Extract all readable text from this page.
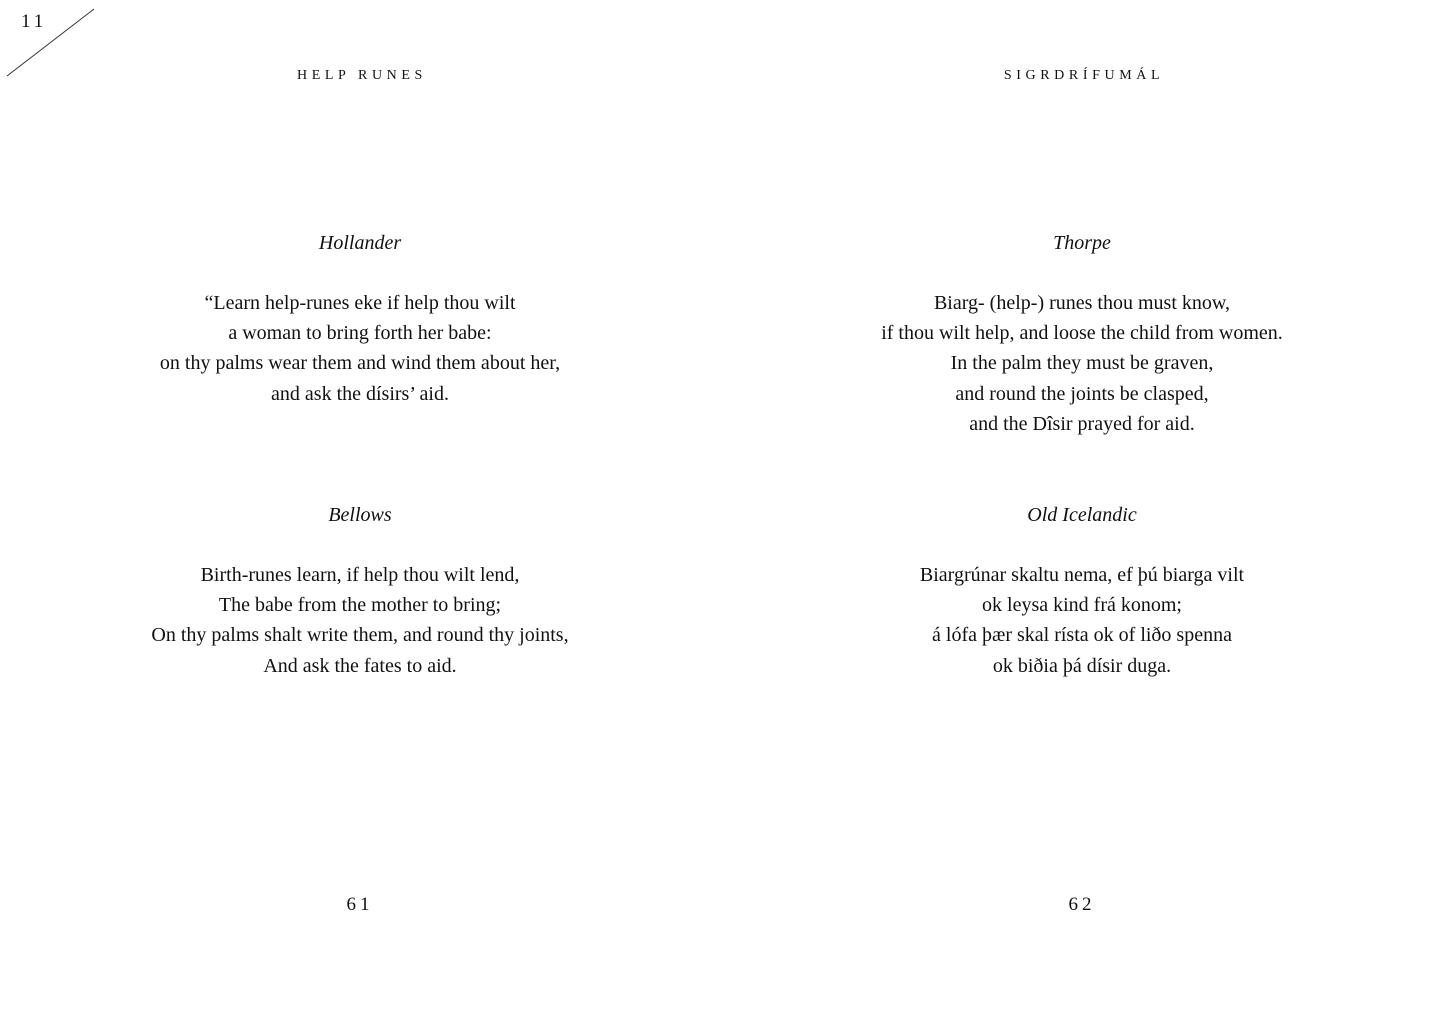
11
HELP RUNES
Hollander
“Learn help-runes eke if help thou wilt
a woman to bring forth her babe:
on thy palms wear them and wind them about her,
and ask the dísirs’ aid.
Bellows
Birth-runes learn, if help thou wilt lend,
The babe from the mother to bring;
On thy palms shalt write them, and round thy joints,
And ask the fates to aid.
61
SIGRDRÍFUMÁL
Thorpe
Biarg- (help-) runes thou must know,
if thou wilt help, and loose the child from women.
In the palm they must be graven,
and round the joints be clasped,
and the Dîsir prayed for aid.
Old Icelandic
Biargrúnar skaltu nema, ef þú biarga vilt
ok leysa kind frá konom;
á lófa þær skal rísta ok of liðo spenna
ok biðia þá dísir duga.
62
